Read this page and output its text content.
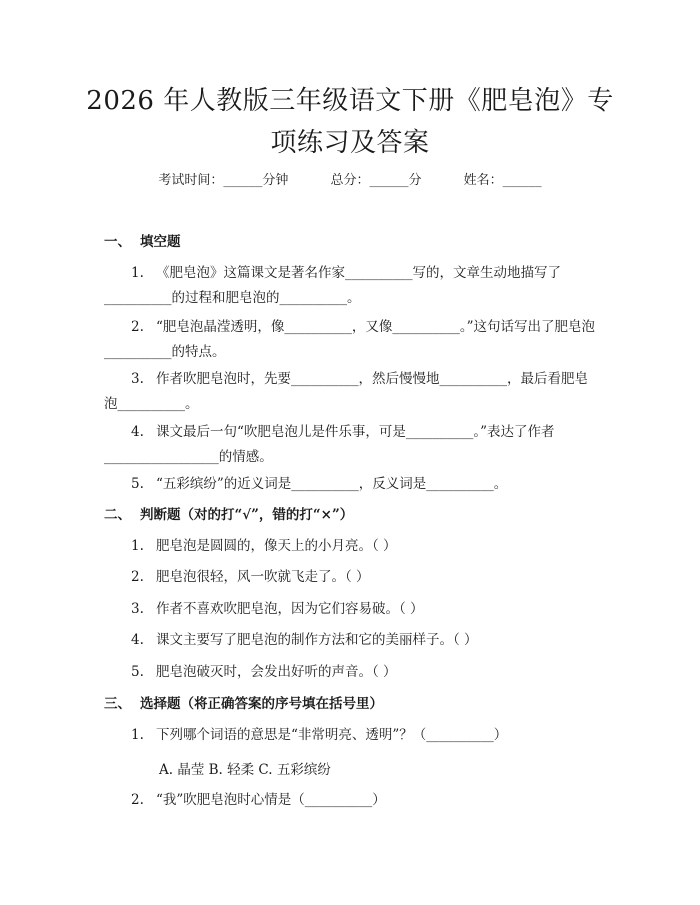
2026 年人教版三年级语文下册《肥皂泡》专
项练习及答案
考试时间：______分钟	总分：______分	姓名：______
一、 填空题
1. 《肥皂泡》这篇课文是著名作家__________写的，文章生动地描写了__________的过程和肥皂泡的__________。
2. “肥皂泡晶滢透明，像__________，又像__________。”这句话写出了肥皂泡__________的特点。
3. 作者吹肥皂泡时，先要__________，然后慢慢地__________，最后看肥皂泡__________。
4. 课文最后一句“吹肥皂泡儿是件乐事，可是__________。”表达了作者_________________的情感。
5. “五彩缤纷”的近义词是__________，反义词是__________。
二、 判断题（对的打“√”，错的打“×”）
1. 肥皂泡是圆圆的，像天上的小月亮。（ ）
2. 肥皂泡很轻，风一吹就飞走了。（ ）
3. 作者不喜欢吹肥皂泡，因为它们容易破。（ ）
4. 课文主要写了肥皂泡的制作方法和它的美丽样子。（ ）
5. 肥皂泡破灭时，会发出好听的声音。（ ）
三、 选择题（将正确答案的序号填在括号里）
1. 下列哪个词语的意思是“非常明亮、透明”？（__________）
A. 晶莹 B. 轻柔 C. 五彩缤纷
2. “我”吹肥皂泡时心情是（__________）
